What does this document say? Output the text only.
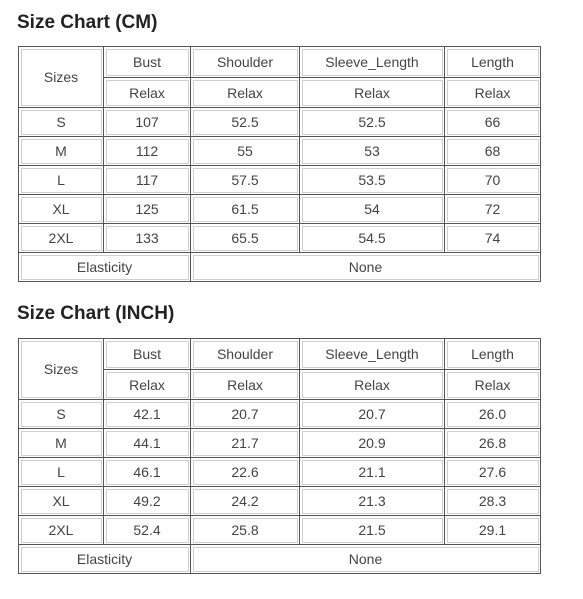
Size Chart (CM)
Sizes	Bust	Shoulder	Sleeve_Length	Length
	Relax	Relax	Relax	Relax
S	107	52.5	52.5	66
M	112	55	53	68
L	117	57.5	53.5	70
XL	125	61.5	54	72
2XL	133	65.5	54.5	74
Elasticity		None		
Size Chart (INCH)
Sizes	Bust	Shoulder	Sleeve_Length	Length
	Relax	Relax	Relax	Relax
S	42.1	20.7	20.7	26.0
M	44.1	21.7	20.9	26.8
L	46.1	22.6	21.1	27.6
XL	49.2	24.2	21.3	28.3
2XL	52.4	25.8	21.5	29.1
Elasticity		None		
